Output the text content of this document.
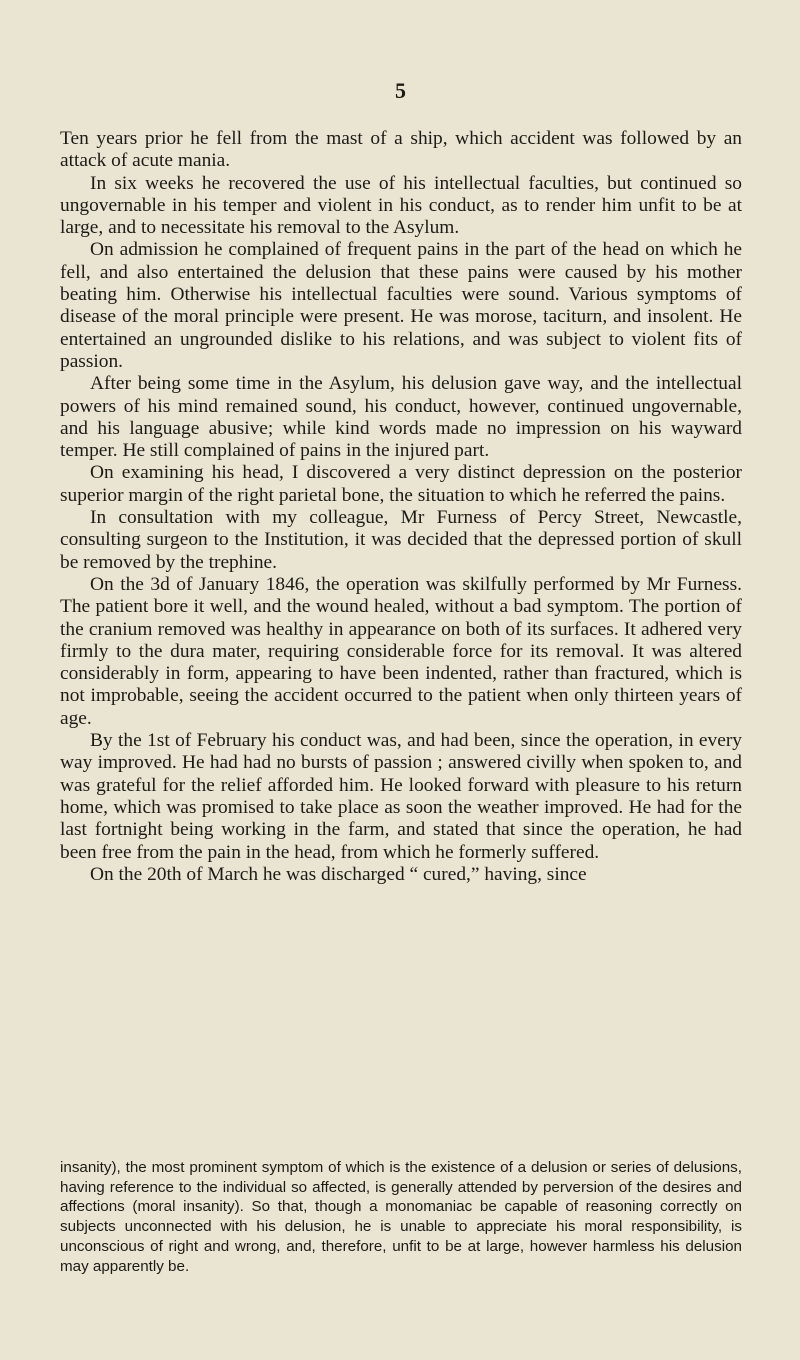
5

Ten years prior he fell from the mast of a ship, which accident was followed by an attack of acute mania.

In six weeks he recovered the use of his intellectual faculties, but continued so ungovernable in his temper and violent in his conduct, as to render him unfit to be at large, and to necessitate his removal to the Asylum.

On admission he complained of frequent pains in the part of the head on which he fell, and also entertained the delusion that these pains were caused by his mother beating him. Otherwise his intellectual faculties were sound. Various symptoms of disease of the moral principle were present. He was morose, taciturn, and insolent. He entertained an ungrounded dislike to his relations, and was subject to violent fits of passion.

After being some time in the Asylum, his delusion gave way, and the intellectual powers of his mind remained sound, his conduct, however, continued ungovernable, and his language abusive; while kind words made no impression on his wayward temper. He still complained of pains in the injured part.

On examining his head, I discovered a very distinct depression on the posterior superior margin of the right parietal bone, the situation to which he referred the pains.

In consultation with my colleague, Mr Furness of Percy Street, Newcastle, consulting surgeon to the Institution, it was decided that the depressed portion of skull be removed by the trephine.

On the 3d of January 1846, the operation was skilfully performed by Mr Furness. The patient bore it well, and the wound healed, without a bad symptom. The portion of the cranium removed was healthy in appearance on both of its surfaces. It adhered very firmly to the dura mater, requiring considerable force for its removal. It was altered considerably in form, appearing to have been indented, rather than fractured, which is not improbable, seeing the accident occurred to the patient when only thirteen years of age.

By the 1st of February his conduct was, and had been, since the operation, in every way improved. He had had no bursts of passion ; answered civilly when spoken to, and was grateful for the relief afforded him. He looked forward with pleasure to his return home, which was promised to take place as soon the weather improved. He had for the last fortnight being working in the farm, and stated that since the operation, he had been free from the pain in the head, from which he formerly suffered.

On the 20th of March he was discharged “ cured,” having, since

insanity), the most prominent symptom of which is the existence of a delusion or series of delusions, having reference to the individual so affected, is generally attended by perversion of the desires and affections (moral insanity). So that, though a monomaniac be capable of reasoning correctly on subjects unconnected with his delusion, he is unable to appreciate his moral responsibility, is unconscious of right and wrong, and, therefore, unfit to be at large, however harmless his delusion may apparently be.
